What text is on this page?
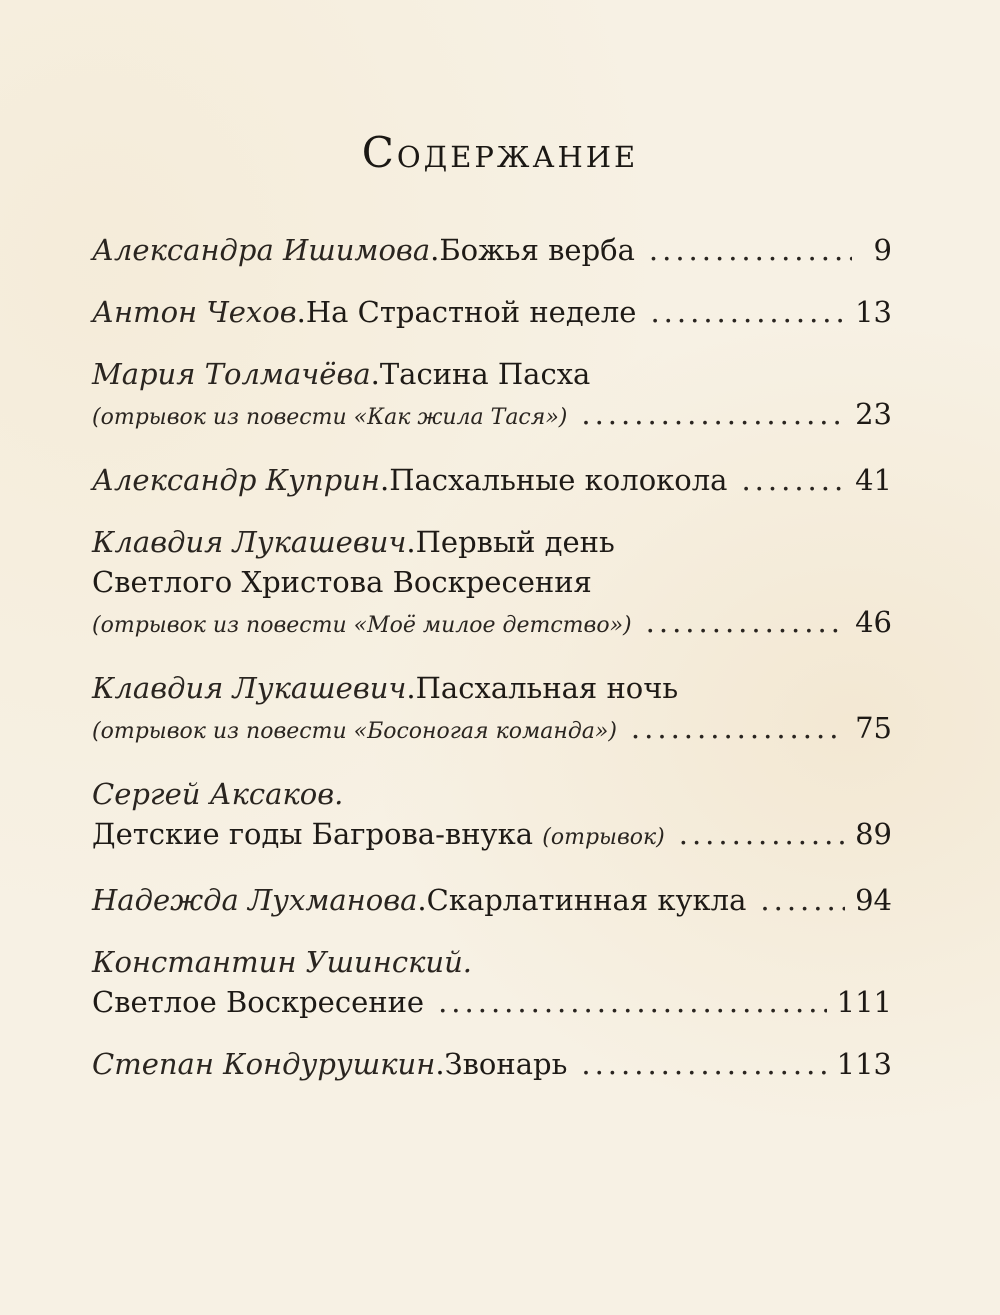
Содержание
Александра Ишимова . Божья верба .....	9
Антон Чехов . На Страстной неделе .....	13
Мария Толмачёва . Тасина Пасха
(отрывок из повести «Как жила Тася») .....	23
Александр Куприн . Пасхальные колокола .....	41
Клавдия Лукашевич . Первый день
Светлого Христова Воскресения
(отрывок из повести «Моё милое детство») .....	46
Клавдия Лукашевич . Пасхальная ночь
(отрывок из повести «Босоногая команда») .....	75
Сергей Аксаков.
Детские годы Багрова-внука
(отрывок) .....	89
Надежда Лухманова . Скарлатинная кукла .....	94
Константин Ушинский.
Светлое Воскресение .....	111
Степан Кондурушкин . Звонарь .....	113
